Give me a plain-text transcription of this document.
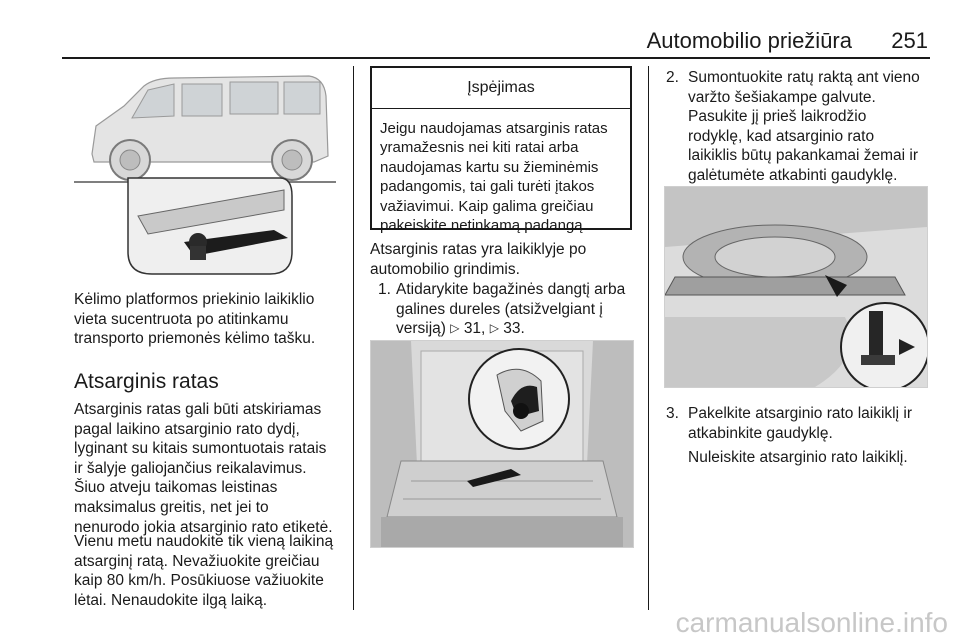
Automobilio priežiūra	251

Kėlimo platformos priekinio laikiklio
vieta sucentruota po atitinkamu
transporto priemonės kėlimo tašku.

Atsarginis ratas

Atsarginis ratas gali būti atskiriamas
pagal laikino atsarginio rato dydį,
lyginant su kitais sumontuotais ratais
ir šalyje galiojančius reikalavimus.
Šiuo atveju taikomas leistinas
maksimalus greitis, net jei to
nenurodo jokia atsarginio rato etiketė.

Vienu metu naudokite tik vieną laikiną
atsarginį ratą. Nevažiuokite greičiau
kaip 80 km/h. Posūkiuose važiuokite
lėtai. Nenaudokite ilgą laiką.

Įspėjimas
Jeigu naudojamas atsarginis ratas
yramažesnis nei kiti ratai arba
naudojamas kartu su žieminėmis
padangomis, tai gali turėti įtakos
važiavimui. Kaip galima greičiau
pakeiskite netinkamą padangą.

Atsarginis ratas yra laikiklyje po
automobilio grindimis.

1. Atidarykite bagažinės dangtį arba
galines dureles (atsižvelgiant į
versiją) ▷ 31, ▷ 33.
2. Sumontuokite ratų raktą ant vieno
varžto šešiakampe galvute.
Pasukite jį prieš laikrodžio
rodyklę, kad atsarginio rato
laikiklis būtų pakankamai žemai ir
galėtumėte atkabinti gaudyklę.
3. Pakelkite atsarginio rato laikiklį ir
atkabinkite gaudyklę.

Nuleiskite atsarginio rato laikiklį.

carmanualsonline.info
